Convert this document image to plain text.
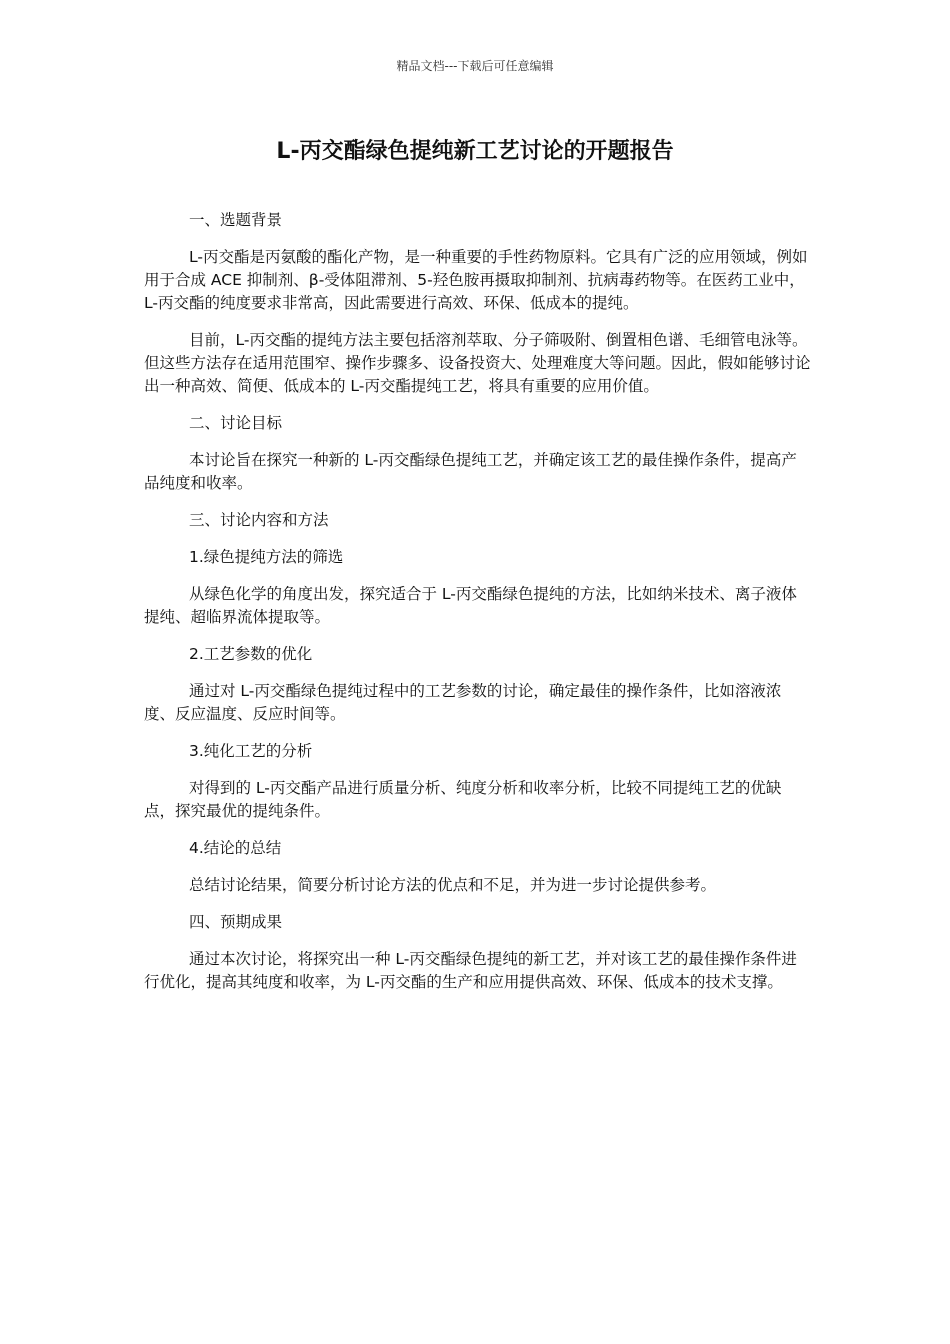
精品文档---下载后可任意编辑
L-丙交酯绿色提纯新工艺讨论的开题报告

一、选题背景

L-丙交酯是丙氨酸的酯化产物，是一种重要的手性药物原料。它具有广泛的应用领域，例如用于合成 ACE 抑制剂、β-受体阻滞剂、5-羟色胺再摄取抑制剂、抗病毒药物等。在医药工业中，L-丙交酯的纯度要求非常高，因此需要进行高效、环保、低成本的提纯。

目前，L-丙交酯的提纯方法主要包括溶剂萃取、分子筛吸附、倒置相色谱、毛细管电泳等。但这些方法存在适用范围窄、操作步骤多、设备投资大、处理难度大等问题。因此，假如能够讨论出一种高效、简便、低成本的 L-丙交酯提纯工艺，将具有重要的应用价值。

二、讨论目标

本讨论旨在探究一种新的 L-丙交酯绿色提纯工艺，并确定该工艺的最佳操作条件，提高产品纯度和收率。

三、讨论内容和方法

1.绿色提纯方法的筛选

从绿色化学的角度出发，探究适合于 L-丙交酯绿色提纯的方法，比如纳米技术、离子液体提纯、超临界流体提取等。

2.工艺参数的优化

通过对 L-丙交酯绿色提纯过程中的工艺参数的讨论，确定最佳的操作条件，比如溶液浓度、反应温度、反应时间等。

3.纯化工艺的分析

对得到的 L-丙交酯产品进行质量分析、纯度分析和收率分析，比较不同提纯工艺的优缺点，探究最优的提纯条件。

4.结论的总结

总结讨论结果，简要分析讨论方法的优点和不足，并为进一步讨论提供参考。

四、预期成果

通过本次讨论，将探究出一种 L-丙交酯绿色提纯的新工艺，并对该工艺的最佳操作条件进行优化，提高其纯度和收率，为 L-丙交酯的生产和应用提供高效、环保、低成本的技术支撑。
